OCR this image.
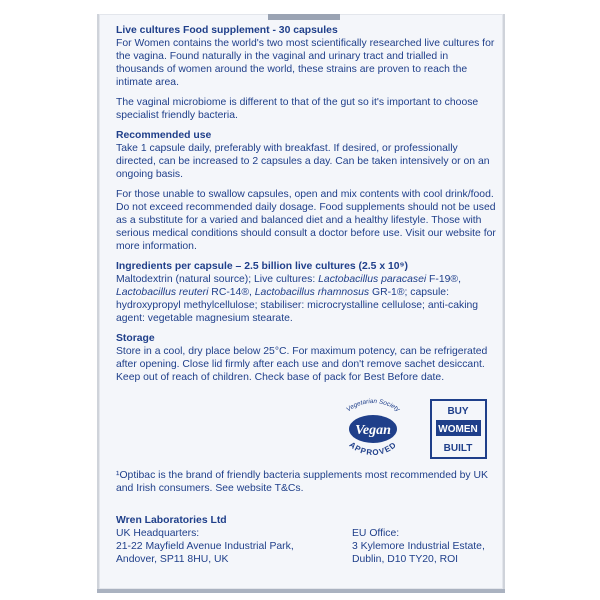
Live cultures Food supplement - 30 capsules

For Women contains the world's two most scientifically researched live cultures for the vagina. Found naturally in the vaginal and urinary tract and trialled in thousands of women around the world, these strains are proven to reach the intimate area.

The vaginal microbiome is different to that of the gut so it's important to choose specialist friendly bacteria.

Recommended use

Take 1 capsule daily, preferably with breakfast. If desired, or professionally directed, can be increased to 2 capsules a day. Can be taken intensively or on an ongoing basis.

For those unable to swallow capsules, open and mix contents with cool drink/food. Do not exceed recommended daily dosage. Food supplements should not be used as a substitute for a varied and balanced diet and a healthy lifestyle. Those with serious medical conditions should consult a doctor before use. Visit our website for more information.

Ingredients per capsule – 2.5 billion live cultures (2.5 x 10⁹)

Maltodextrin (natural source); Live cultures: Lactobacillus paracasei F-19®, Lactobacillus reuteri RC-14®, Lactobacillus rhamnosus GR-1®; capsule: hydroxypropyl methylcellulose; stabiliser: microcrystalline cellulose; anti-caking agent: vegetable magnesium stearate.

Storage

Store in a cool, dry place below 25°C. For maximum potency, can be refrigerated after opening. Close lid firmly after each use and don't remove sachet desiccant. Keep out of reach of children. Check base of pack for Best Before date.

Vegetarian Society
Vegan
APPROVED
BUY
WOMEN
BUILT
¹Optibac is the brand of friendly bacteria supplements most recommended by UK and Irish consumers. See website T&Cs.
Wren Laboratories Ltd
UK Headquarters:
21-22 Mayfield Avenue Industrial Park,
Andover, SP11 8HU, UK
EU Office:
3 Kylemore Industrial Estate,
Dublin, D10 TY20, ROI
